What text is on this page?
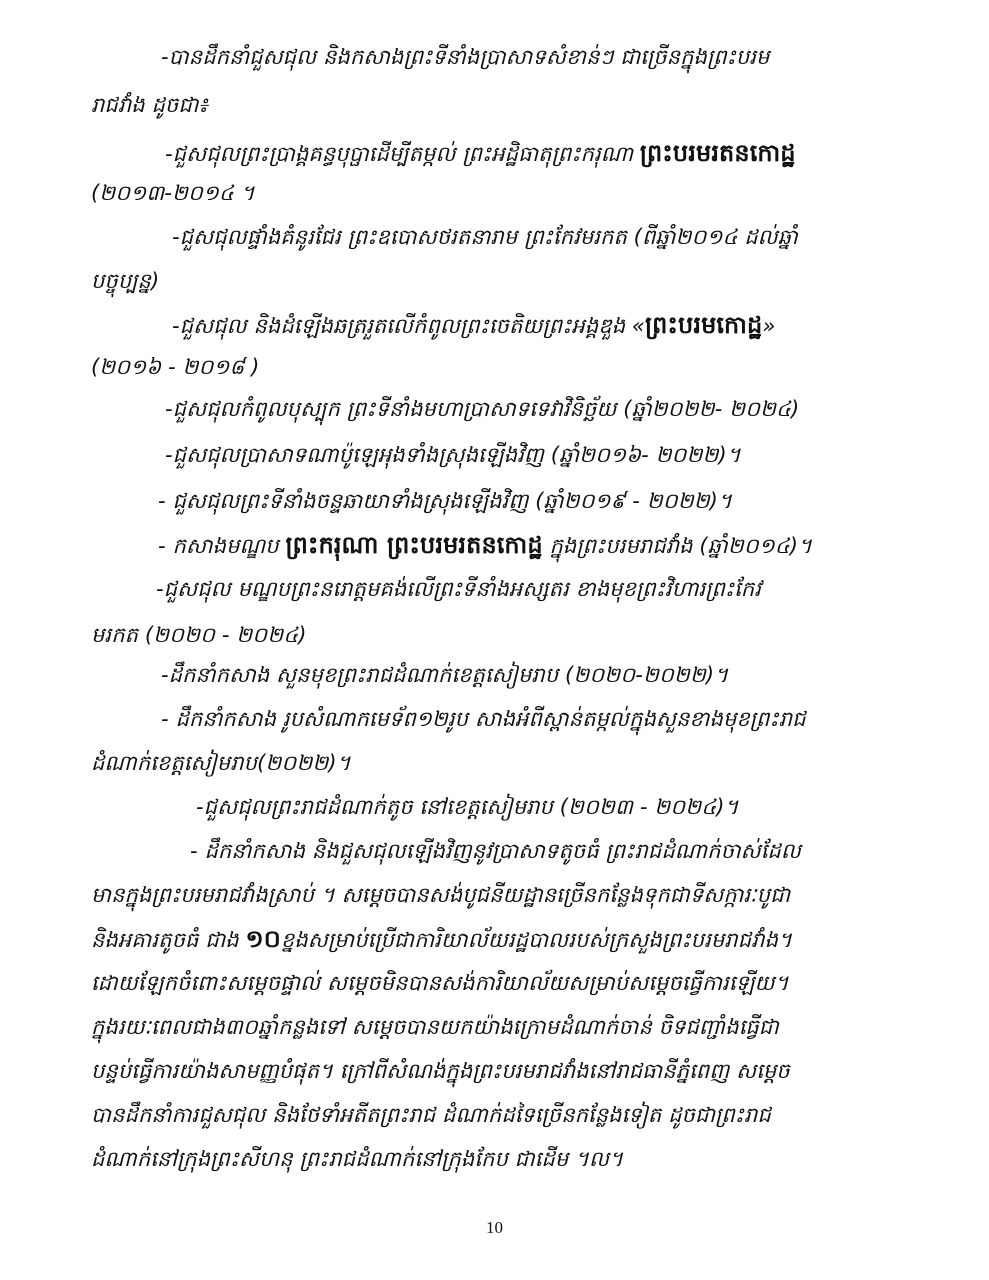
-បានដឹកនាំជួសជុល និងកសាងព្រះទីនាំងប្រាសាទសំខាន់ៗ ជាច្រើនក្នុងព្រះបរម
រាជវាំង ដូចជា៖
-ជួសជុលព្រះប្រាង្គគន្ធបុប្ផាដើម្បីតម្កល់ ព្រះអដ្ឋិធាតុព្រះករុណា ព្រះបរមរតនកោដ្ឋ
(២០១៣-២០១៤ ។
-ជួសជុលផ្ទាំងគំនូរជែរ ព្រះឧបោសថរតនារាម ព្រះកែវមរកត (ពីឆ្នាំ២០១៤ ដល់ឆ្នាំ
បច្ចុប្បន្ន)
-ជួសជុល និងដំឡើងឆត្ររួតលើកំពូលព្រះចេតិយព្រះអង្គឌួង «ព្រះបរមកោដ្ឋ»
(២០១៦ - ២០១៨ )
-ជួសជុលកំពូលបុស្បុក ព្រះទីនាំងមហាប្រាសាទទេវាវិនិច្ឆ័យ (ឆ្នាំ២០២២- ២០២៤)
-ជួសជុលប្រាសាទណាប៉ូឡេអុងទាំងស្រុងឡើងវិញ (ឆ្នាំ២០១៦- ២០២២)។
- ជួសជុលព្រះទីនាំងចន្ទឆាយាទាំងស្រុងឡើងវិញ (ឆ្នាំ២០១៩ - ២០២២)។
- កសាងមណ្ឌប ព្រះករុណា ព្រះបរមរតនកោដ្ឋ ក្នុងព្រះបរមរាជវាំង (ឆ្នាំ២០១៤)។
-ជួសជុល មណ្ឌបព្រះនរោត្តមគង់លើព្រះទីនាំងអស្សតរ ខាងមុខព្រះវិហារព្រះកែវ
មរកត (២០២០ - ២០២៤)
-ដឹកនាំកសាង សួនមុខព្រះរាជដំណាក់ខេត្តសៀមរាប (២០២០-២០២២)។
- ដឹកនាំកសាង រូបសំណាកមេទ័ព១២រូប សាងអំពីស្ពាន់តម្កល់ក្នុងសួនខាងមុខព្រះរាជ
ដំណាក់ខេត្តសៀមរាប(២០២២)។
-ជួសជុលព្រះរាជដំណាក់តូច នៅខេត្តសៀមរាប (២០២៣ - ២០២៤)។
- ដឹកនាំកសាង និងជួសជុលឡើងវិញនូវប្រាសាទតូចធំ ព្រះរាជដំណាក់ចាស់ដែល
មានក្នុងព្រះបរមរាជវាំងស្រាប់ ។ សម្តេចបានសង់បូជនីយដ្ឋានច្រើនកន្លែងទុកជាទីសក្ការៈបូជា
និងអគារតូចធំ ជាង ១០ខ្នងសម្រាប់ប្រើជាការិយាល័យរដ្ឋបាលរបស់ក្រសួងព្រះបរមរាជវាំង។
ដោយឡែកចំពោះសម្តេចផ្ទាល់ សម្តេចមិនបានសង់ការិយាល័យសម្រាប់សម្តេចធ្វើការឡើយ។
ក្នុងរយៈពេលជាង៣០ឆ្នាំកន្លងទៅ សម្តេចបានយកយ៉ាងក្រោមដំណាក់ចាន់ ចិទជញ្ជាំងធ្វើជា
បន្ទប់ធ្វើការយ៉ាងសាមញ្ញបំផុត។ ក្រៅពីសំណង់ក្នុងព្រះបរមរាជវាំងនៅរាជធានីភ្នំពេញ សម្តេច
បានដឹកនាំការជួសជុល និងថែទាំអតីតព្រះរាជ ដំណាក់ដទៃច្រើនកន្លែងទៀត ដូចជាព្រះរាជ
ដំណាក់នៅក្រុងព្រះសីហនុ ព្រះរាជដំណាក់នៅក្រុងកែប ជាដើម ។ល។
10
